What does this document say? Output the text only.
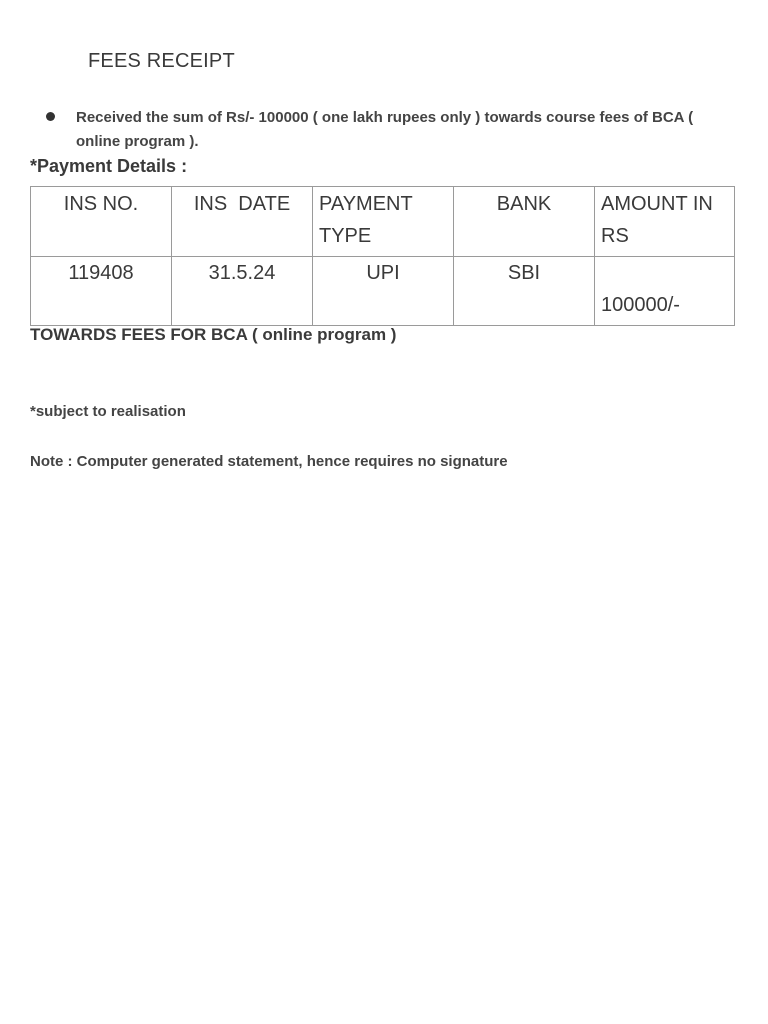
FEES RECEIPT
Received the sum of Rs/- 100000 ( one lakh rupees only ) towards course fees of BCA ( online program ).
*Payment Details :
INS NO.	INS  DATE	PAYMENT TYPE	BANK	AMOUNT IN RS
119408	31.5.24	UPI	SBI	100000/-
TOWARDS FEES FOR BCA ( online program )
*subject to realisation
Note : Computer generated statement, hence requires no signature
